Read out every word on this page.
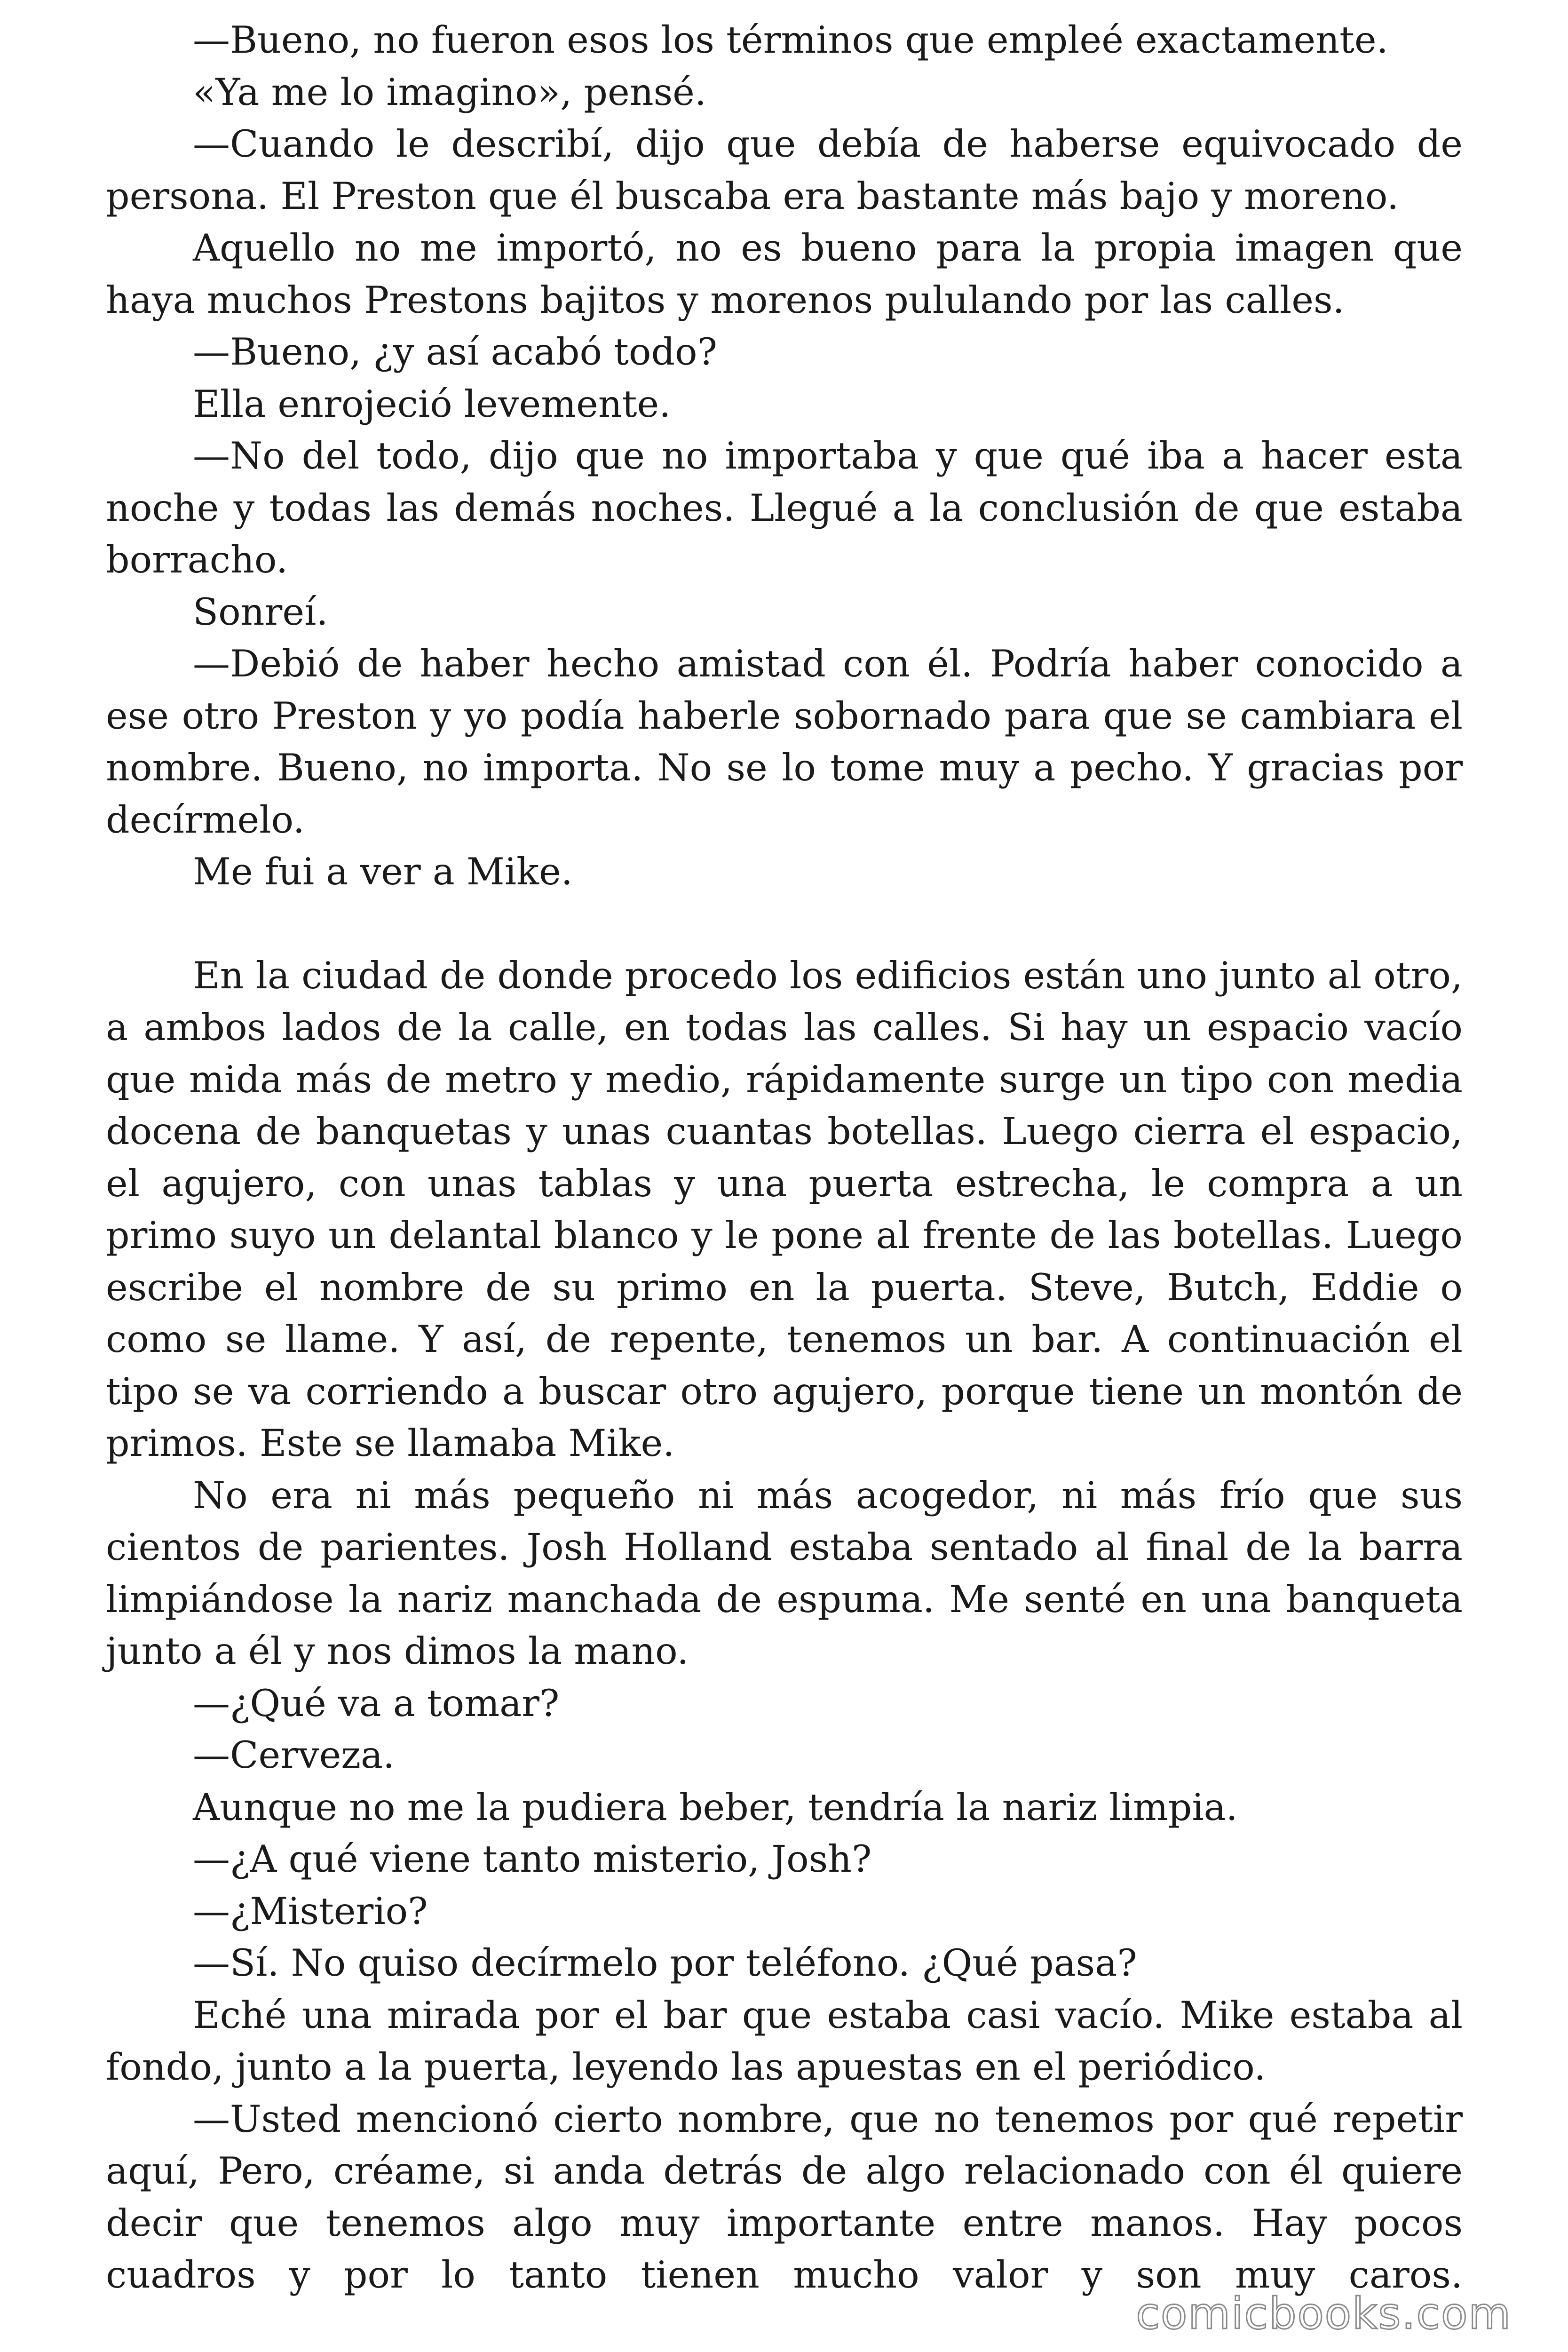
—Bueno, no fueron esos los términos que empleé exactamente.

«Ya me lo imagino», pensé.

—Cuando le describí, dijo que debía de haberse equivocado de persona. El Preston que él buscaba era bastante más bajo y moreno.

Aquello no me importó, no es bueno para la propia imagen que haya muchos Prestons bajitos y morenos pululando por las calles.

—Bueno, ¿y así acabó todo?

Ella enrojeció levemente.

—No del todo, dijo que no importaba y que qué iba a hacer esta noche y todas las demás noches. Llegué a la conclusión de que estaba borracho.

Sonreí.

—Debió de haber hecho amistad con él. Podría haber conocido a ese otro Preston y yo podía haberle sobornado para que se cambiara el nombre. Bueno, no importa. No se lo tome muy a pecho. Y gracias por decírmelo.

Me fui a ver a Mike.

En la ciudad de donde procedo los edificios están uno junto al otro, a ambos lados de la calle, en todas las calles. Si hay un espacio vacío que mida más de metro y medio, rápidamente surge un tipo con media docena de banquetas y unas cuantas botellas. Luego cierra el espacio, el agujero, con unas tablas y una puerta estrecha, le compra a un primo suyo un delantal blanco y le pone al frente de las botellas. Luego escribe el nombre de su primo en la puerta. Steve, Butch, Eddie o como se llame. Y así, de repente, tenemos un bar. A continuación el tipo se va corriendo a buscar otro agujero, porque tiene un montón de primos. Este se llamaba Mike.

No era ni más pequeño ni más acogedor, ni más frío que sus cientos de parientes. Josh Holland estaba sentado al final de la barra limpiándose la nariz manchada de espuma. Me senté en una banqueta junto a él y nos dimos la mano.

—¿Qué va a tomar?

—Cerveza.

Aunque no me la pudiera beber, tendría la nariz limpia.

—¿A qué viene tanto misterio, Josh?

—¿Misterio?

—Sí. No quiso decírmelo por teléfono. ¿Qué pasa?

Eché una mirada por el bar que estaba casi vacío. Mike estaba al fondo, junto a la puerta, leyendo las apuestas en el periódico.

—Usted mencionó cierto nombre, que no tenemos por qué repetir aquí, Pero, créame, si anda detrás de algo relacionado con él quiere decir que tenemos algo muy importante entre manos. Hay pocos cuadros y por lo tanto tienen mucho valor y son muy caros.

comicbooks.com
